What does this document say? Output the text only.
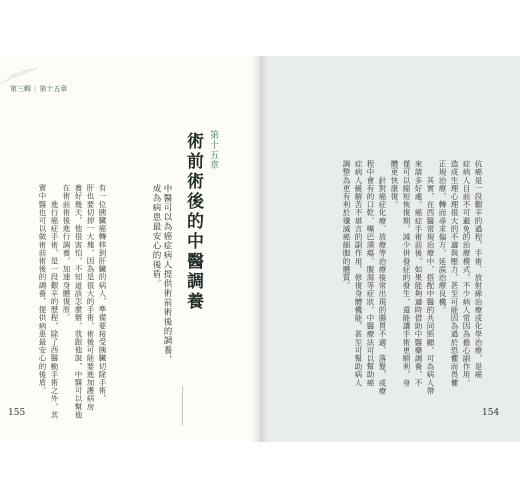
第三輯 | 第十五章
第十五章
術前術後的中醫調養
中醫可以為癌症病人提供術前術後的調養，
成為病患最安心的後盾。
有一位胰臟癌轉移到肝臟的病人，準備要接受胰臟切除手術，
肝也要切掉一大塊，因為是很大的手術，術後可能要進加護病房
養好幾天，他很害怕，不知道該怎麼辦，我跟他說，中醫可以幫他
在術前術後進行調養，加速身體復原。
　　進行癌症手術，是一段艱辛的歷程，除了西醫動手術之外，其
實中醫也可以做術前術後的調養，提供病患最安心的後盾。
155
抗癌是一段艱辛的過程，手術、放射線治療或化學治療，是癌
症病人目前不可避免的治療模式，不少病人常因為擔心副作用，
造成生理心理很大的不適與壓力，甚至可能因為過於恐懼而畏懼
正規治療，轉而尋求偏方，延誤治療良機。
　　其實，在西醫常規治療中，搭配中醫的共同照顧，可為病人帶
來諸多好處。癌症手術前後，如果能夠適時借助中醫藥調養，不
僅可以縮短恢復期，減少併發症的發生，還能讓手術更順利，身
體更快康復。
　　針對癌症化療、放療等治療後常出現的腸胃不適、落髮，或療
程中會有的口乾、嘴巴潰瘍、腹瀉等症狀，中醫療法可以幫助癌
症病人緩解苦不堪言的副作用，修復身體機能，甚至可幫助病人
調整為更有利於殲滅癌細胞的體質。
154
